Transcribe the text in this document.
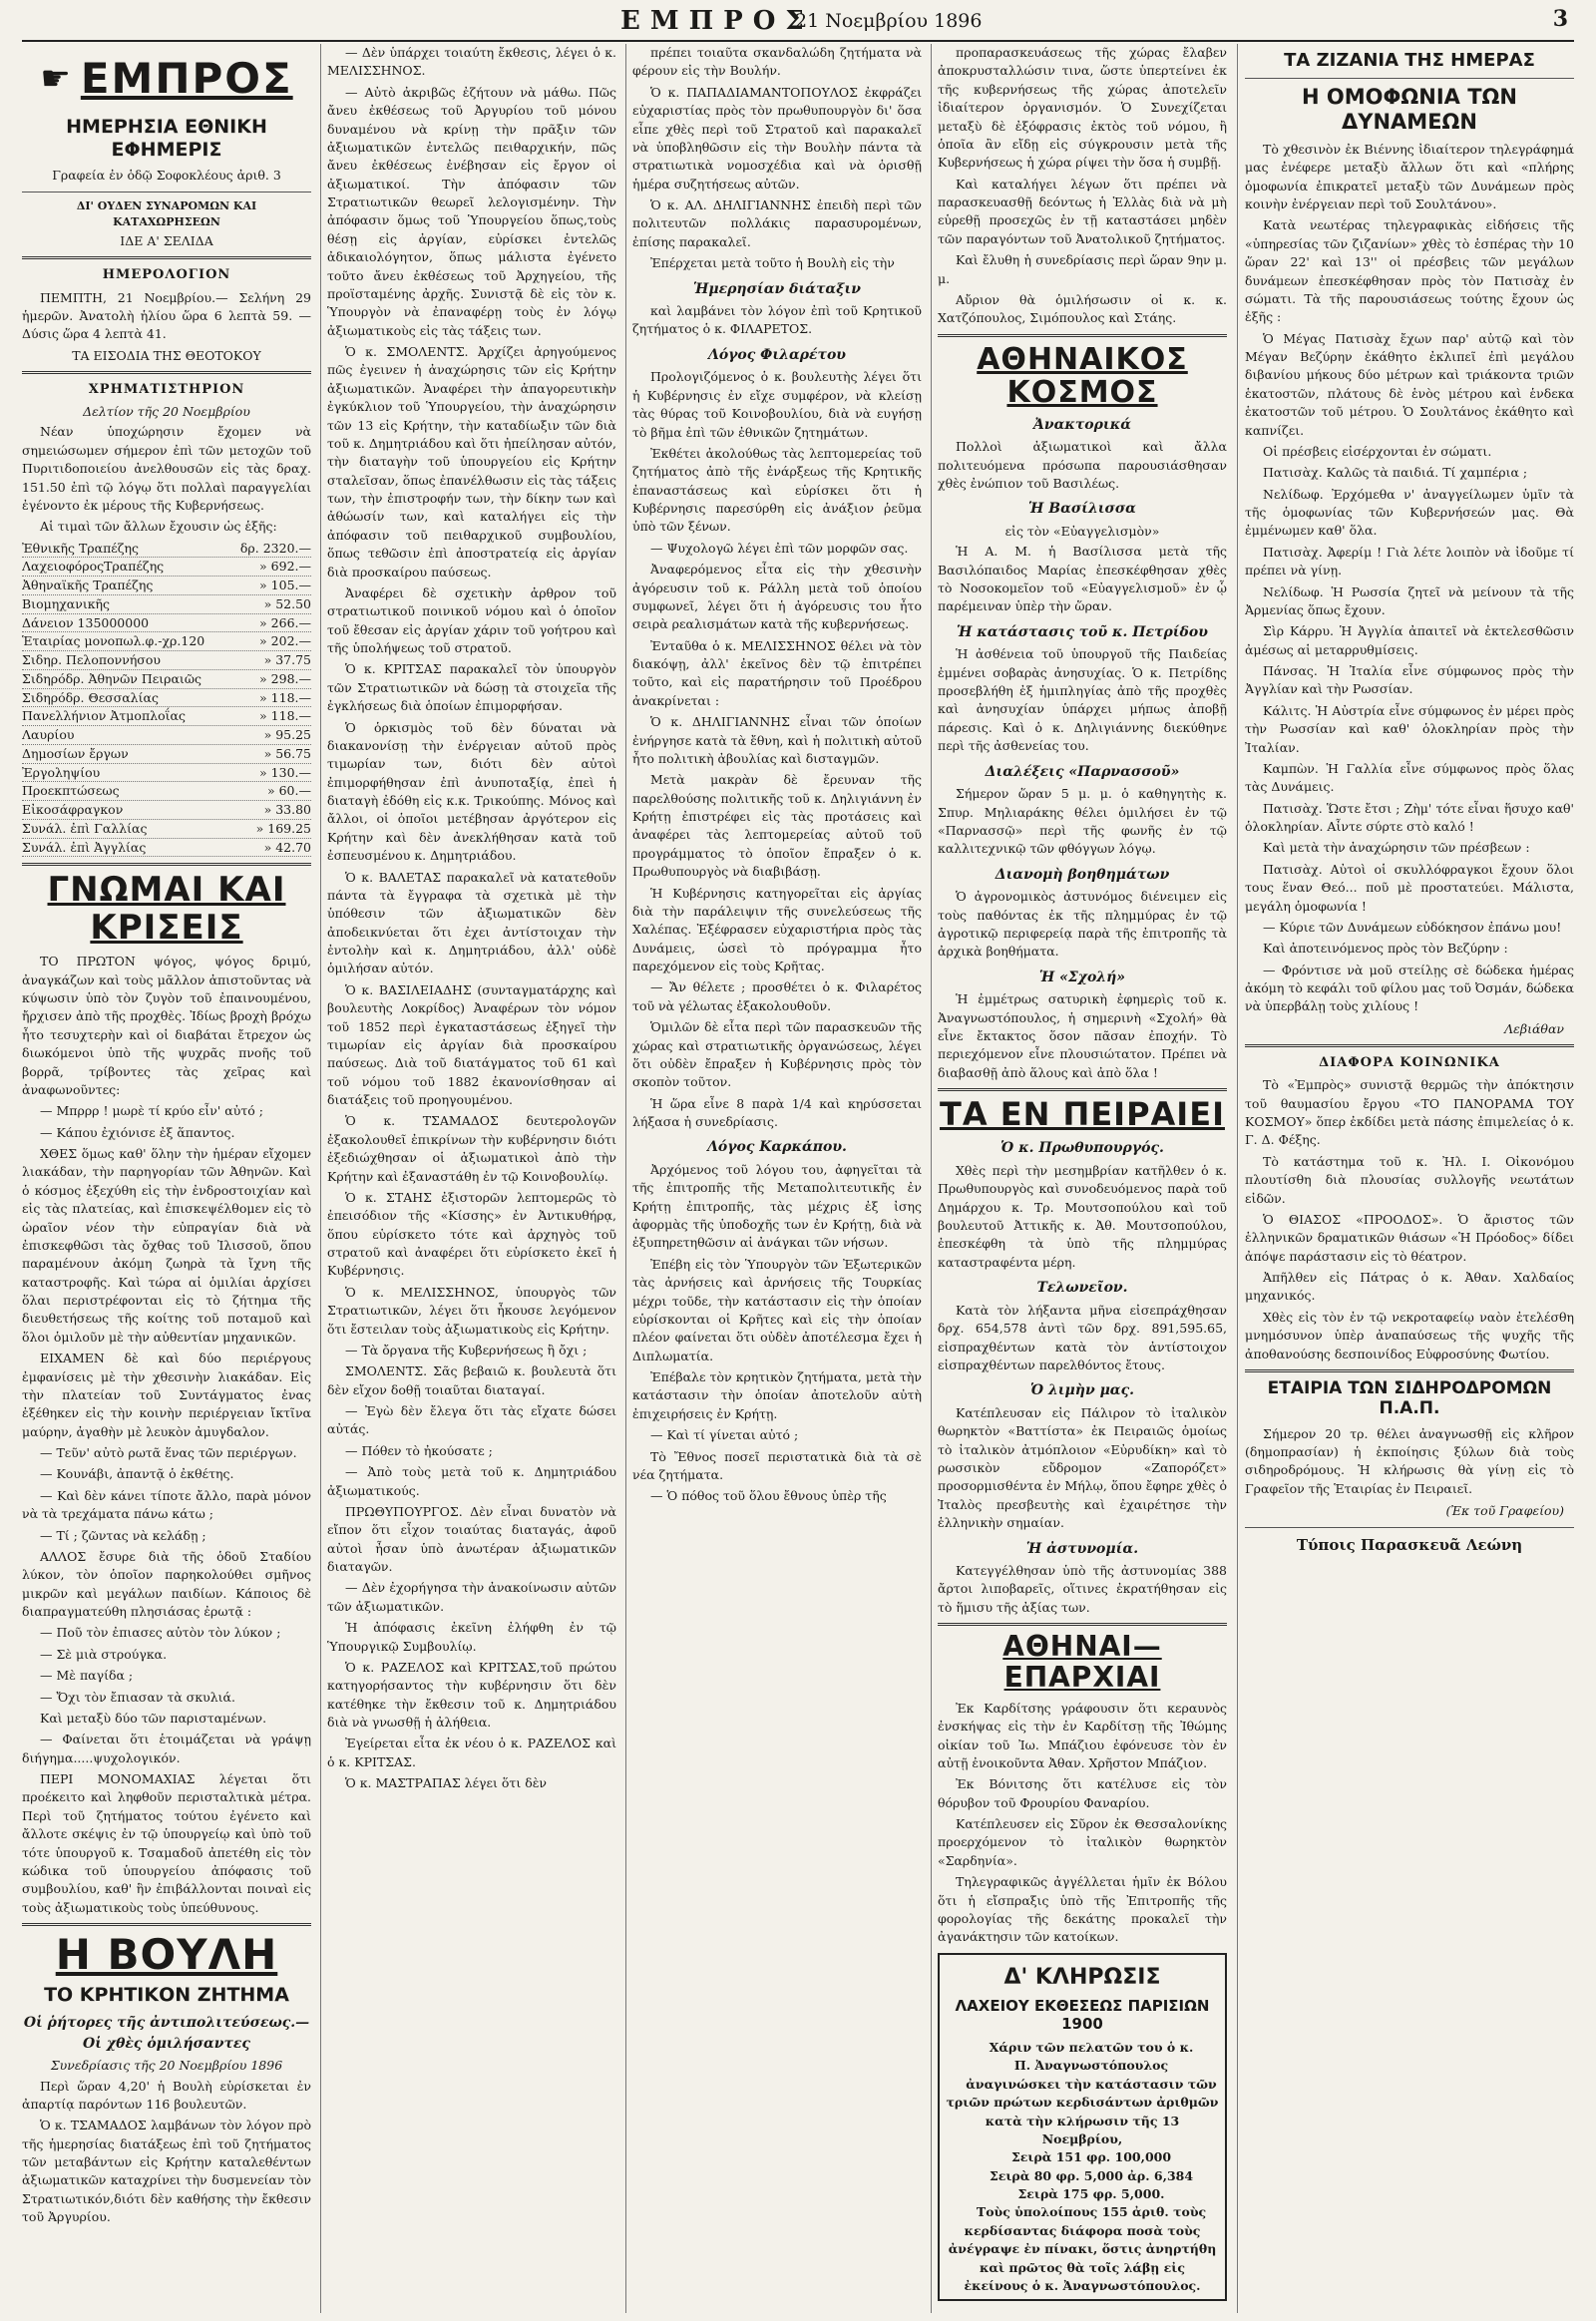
ΕΜΠΡΟΣ
21 Νοεμβρίου 1896	3
☛ ΕΜΠΡΟΣ
ΗΜΕΡΗΣΙΑ ΕΘΝΙΚΗ ΕΦΗΜΕΡΙΣ
Γραφεία ἐν ὁδῷ Σοφοκλέους ἀριθ. 3
ΔΙ' ΟΥΔΕΝ ΣΥΝΑΡΟΜΩΝ ΚΑΙ ΚΑΤΑΧΩΡΗΣΕΩΝ
ΙΔΕ Α' ΣΕΛΙΔΑ
ΗΜΕΡΟΛΟΓΙΟΝ

ΠΕΜΠΤΗ, 21 Νοεμβρίου.— Σελήνη 29 ἡμερῶν. Ἀνατολὴ ἡλίου ὥρα 6 λεπτὰ 59. —Δύσις ὥρα 4 λεπτὰ 41.

ΤΑ ΕΙΣΟΔΙΑ ΤΗΣ ΘΕΟΤΟΚΟΥ
ΧΡΗΜΑΤΙΣΤΗΡΙΟΝ
Δελτίον τῆς 20 Νοεμβρίου

Νέαν ὑποχώρησιν ἔχομεν νὰ σημειώσωμεν σήμερον ἐπὶ τῶν μετοχῶν τοῦ Πυριτιδοποιείου ἀνελθουσῶν εἰς τὰς δραχ. 151.50 ἐπὶ τῷ λόγῳ ὅτι πολλαὶ παραγγελίαι ἐγένοντο ἐκ μέρους τῆς Κυβερνήσεως.

Αἱ τιμαὶ τῶν ἄλλων ἔχουσιν ὡς ἑξῆς:

Ἐθνικῆς Τραπέζης	δρ. 2320.—
ΛαχειοφόροςΤραπέζης	» 692.—
Ἀθηναϊκῆς Τραπέζης	» 105.—
Βιομηχανικῆς	» 52.50
Δάνειον 135000000	» 266.—
Ἑταιρίας μονοπωλ.φ.-χρ.120	» 202.—
Σιδηρ. Πελοποννήσου	» 37.75
Σιδηρόδρ. Ἀθηνῶν Πειραιῶς	» 298.—
Σιδηρόδρ. Θεσσαλίας	» 118.—
Πανελλήνιον Ἀτμοπλοΐας	» 118.—
Λαυρίου	» 95.25
Δημοσίων ἔργων	» 56.75
Ἐργοληψίου	» 130.—
Προεκπτώσεως	» 60.—
Εἰκοσάφραγκον	» 33.80
Συνάλ. ἐπὶ Γαλλίας	» 169.25
Συνάλ. ἐπὶ Ἀγγλίας	» 42.70
ΓΝΩΜΑΙ ΚΑΙ ΚΡΙΣΕΙΣ

ΤΟ ΠΡΩΤΟΝ ψόγος, ψόγος δριμύ, ἀναγκάζων καὶ τοὺς μᾶλλον ἀπιστοῦντας νὰ κύψωσιν ὑπὸ τὸν ζυγὸν τοῦ ἐπαινουμένου, ἤρχισεν ἀπὸ τῆς προχθὲς. Ἰδίως βροχὴ βρόχω ἦτο τεσυχτερὴν καὶ οἱ διαβάται ἔτρεχον ὡς διωκόμενοι ὑπὸ τῆς ψυχρᾶς πνοῆς τοῦ βορρᾶ, τρίβοντες τὰς χεῖρας καὶ ἀναφωνοῦντες:

— Μπρρρ ! μωρὲ τί κρύο εἶν' αὐτό ;

— Κάπου ἐχιόνισε ἐξ ἅπαντος.

ΧΘΕΣ ὅμως καθ' ὅλην τὴν ἡμέραν εἴχομεν λιακάδαν, τὴν παρηγορίαν τῶν Ἀθηνῶν. Καὶ ὁ κόσμος ἐξεχύθη εἰς τὴν ἐνδροστοιχίαν καὶ εἰς τὰς πλατείας, καὶ ἐπισκεψέλθομεν εἰς τὸ ὠραῖον νέον τὴν εὐπραγίαν διὰ νὰ ἐπισκεφθῶσι τὰς ὄχθας τοῦ Ἰλισσοῦ, ὅπου παραμένουν ἀκόμη ζωηρὰ τὰ ἴχνη τῆς καταστροφῆς. Καὶ τώρα αἱ ὁμιλίαι ἀρχίσει ὅλαι περιστρέφονται εἰς τὸ ζήτημα τῆς διευθετήσεως τῆς κοίτης τοῦ ποταμοῦ καὶ ὅλοι ὁμιλοῦν μὲ τὴν αὐθεντίαν μηχανικῶν.

ΕΙΧΑΜΕΝ δὲ καὶ δύο περιέργους ἐμφανίσεις μὲ τὴν χθεσινὴν λιακάδαν. Εἰς τὴν πλατείαν τοῦ Συντάγματος ἐνας ἐξέθηκεν εἰς τὴν κοινὴν περιέργειαν ἴκτῖνα μαύρην, ἀγαθὴν μὲ λευκὸν ἀμυγδαλον.

— Τεῦν' αὐτὸ ρωτᾶ ἕνας τῶν περιέργων.

— Κουνάβι, ἀπαντᾷ ὁ ἐκθέτης.

— Καὶ δὲν κάνει τίποτε ἄλλο, παρὰ μόνον νὰ τὰ τρεχάματα πάνω κάτω ;

— Τί ; ζῶντας νὰ κελάδῃ ;

ΑΛΛΟΣ ἔσυρε διὰ τῆς ὁδοῦ Σταδίου λύκον, τὸν ὁποῖον παρηκολούθει σμῆνος μικρῶν καὶ μεγάλων παιδίων. Κάποιος δὲ διαπραγματεύθη πλησιάσας ἐρωτᾷ :

— Ποῦ τὸν ἐπιασες αὐτὸν τὸν λύκον ;

— Σὲ μιὰ στρούγκα.

— Μὲ παγίδα ;

— Ὄχι τὸν ἔπιασαν τὰ σκυλιά.

Καὶ μεταξὺ δύο τῶν παρισταμένων.

— Φαίνεται ὅτι ἑτοιμάζεται νὰ γράψῃ διήγημα.....ψυχολογικόν.

ΠΕΡΙ ΜΟΝΟΜΑΧΙΑΣ λέγεται ὅτι προέκειτο καὶ ληφθοῦν περισταλτικὰ μέτρα. Περὶ τοῦ ζητήματος τούτου ἐγένετο καὶ ἄλλοτε σκέψις ἐν τῷ ὑπουργείῳ καὶ ὑπὸ τοῦ τότε ὑπουργοῦ κ. Τσαμαδοῦ ἀπετέθη εἰς τὸν κώδικα τοῦ ὑπουργείου ἀπόφασις τοῦ συμβουλίου, καθ' ἣν ἐπιβάλλονται ποιναὶ εἰς τοὺς ἀξιωματικοὺς τοὺς ὑπεύθυνους.

Η ΒΟΥΛΗ
ΤΟ ΚΡΗΤΙΚΟΝ ΖΗΤΗΜΑ
Οἱ ῥήτορες τῆς ἀντιπολιτεύσεως.—Οἱ χθὲς ὁμιλήσαντες
Συνεδρίασις τῆς 20 Νοεμβρίου 1896

Περὶ ὥραν 4,20' ἡ Βουλὴ εὑρίσκεται ἐν ἀπαρτίᾳ παρόντων 116 βουλευτῶν.

Ὁ κ. ΤΣΑΜΑΔΟΣ λαμβάνων τὸν λόγον πρὸ τῆς ἡμερησίας διατάξεως ἐπὶ τοῦ ζητήματος τῶν μεταβάντων εἰς Κρήτην καταλεθέντων ἀξιωματικῶν καταχρίνει τὴν δυσμενείαν τὸν Στρατιωτικόν,διότι δὲν καθήσης τὴν ἔκθεσιν τοῦ Ἀργυρίου.

— Δὲν ὑπάρχει τοιαύτη ἔκθεσις, λέγει ὁ κ. ΜΕΛΙΣΣΗΝΟΣ.

— Αὐτὸ ἀκριβῶς ἐζήτουν νὰ μάθω. Πῶς ἄνευ ἐκθέσεως τοῦ Ἀργυρίου τοῦ μόνου δυναμένου νὰ κρίνῃ τὴν πρᾶξιν τῶν ἀξιωματικῶν ἐντελῶς πειθαρχικήν, πῶς ἄνευ ἐκθέσεως ἐνέβησαν εἰς ἔργον οἱ ἀξιωματικοί. Τὴν ἀπόφασιν τῶν Στρατιωτικῶν θεωρεῖ λελογισμένην. Τὴν ἀπόφασιν ὅμως τοῦ Ὑπουργείου ὅπως,τοὺς θέσῃ εἰς ἀργίαν, εὐρίσκει ἐντελῶς ἀδικαιολόγητον, ὅπως μάλιστα ἐγένετο τοῦτο ἄνευ ἐκθέσεως τοῦ Ἀρχηγείου, τῆς προϊσταμένης ἀρχῆς. Συνιστᾷ δὲ εἰς τὸν κ. Ὑπουργὸν νὰ ἐπαναφέρῃ τοὺς ἐν λόγῳ ἀξιωματικοὺς εἰς τὰς τάξεις των.

Ὁ κ. ΣΜΟΛΕΝΤΣ. Ἀρχίζει ἀρηγούμενος πῶς ἐγεινεν ἡ ἀναχώρησις τῶν εἰς Κρήτην ἀξιωματικῶν. Ἀναφέρει τὴν ἀπαγορευτικὴν ἐγκύκλιον τοῦ Ὑπουργείου, τὴν ἀναχώρησιν τῶν 13 εἰς Κρήτην, τὴν καταδίωξιν τῶν διὰ τοῦ κ. Δημητριάδου καὶ ὅτι ἠπείλησαν αὐτόν, τὴν διαταγὴν τοῦ ὑπουργείου εἰς Κρήτην σταλεῖσαν, ὅπως ἐπανέλθωσιν εἰς τὰς τάξεις των, τὴν ἐπιστροφήν των, τὴν δίκην των καὶ ἀθώωσίν των, καὶ καταλήγει εἰς τὴν ἀπόφασιν τοῦ πειθαρχικοῦ συμβουλίου, ὅπως τεθῶσιν ἐπὶ ἀποστρατείᾳ εἰς ἀργίαν διὰ προσκαίρου παύσεως.

Ἀναφέρει δὲ σχετικὴν ἀρθρον τοῦ στρατιωτικοῦ ποινικοῦ νόμου καὶ ὁ ὁποῖον τοῦ ἔθεσαν εἰς ἀργίαν χάριν τοῦ γοήτρου καὶ τῆς ὑπολήψεως τοῦ στρατοῦ.

Ὁ κ. ΚΡΙΤΣΑΣ παρακαλεῖ τὸν ὑπουργὸν τῶν Στρατιωτικῶν νὰ δώσῃ τὰ στοιχεῖα τῆς ἐγκλήσεως διὰ ὁποίων ἐπιμορφήσαν.

Ὁ ὁρκισμὸς τοῦ δὲν δύναται νὰ διακανονίσῃ τὴν ἐνέργειαν αὐτοῦ πρὸς τιμωρίαν των, διότι δὲν αὐτοὶ ἐπιμορφήθησαν ἐπὶ ἀνυποταξίᾳ, ἐπεὶ ἡ διαταγὴ ἐδόθη εἰς κ.κ. Τρικούπης. Μόνος καὶ ἄλλοι, οἱ ὁποῖοι μετέβησαν ἀργότερον εἰς Κρήτην καὶ δὲν ἀνεκλήθησαν κατὰ τοῦ ἐσπευσμένου κ. Δημητριάδου.

Ὁ κ. ΒΑΛΕΤΑΣ παρακαλεῖ νὰ κατατεθοῦν πάντα τὰ ἔγγραφα τὰ σχετικὰ μὲ τὴν ὑπόθεσιν τῶν ἀξιωματικῶν δὲν ἀποδεικνύεται ὅτι ἐχει ἀντίστοιχαν τὴν ἐντολὴν καὶ κ. Δημητριάδου, ἀλλ' οὐδὲ ὁμιλήσαν αὐτόν.

Ὁ κ. ΒΑΣΙΛΕΙΑΔΗΣ (συνταγματάρχης καὶ βουλευτὴς Λοκρίδος) Ἀναφέρων τὸν νόμον τοῦ 1852 περὶ ἐγκαταστάσεως ἐξηγεῖ τὴν τιμωρίαν εἰς ἀργίαν διὰ προσκαίρου παύσεως. Διὰ τοῦ διατάγματος τοῦ 61 καὶ τοῦ νόμου τοῦ 1882 ἐκανονίσθησαν αἱ διατάξεις τοῦ προηγουμένου.

Ὁ κ. ΤΣΑΜΑΔΟΣ δευτερολογῶν ἐξακολουθεῖ ἐπικρίνων τὴν κυβέρνησιν διότι ἐξεδιώχθησαν οἱ ἀξιωματικοὶ ἀπὸ τὴν Κρήτην καὶ ἐξαναστάθη ἐν τῷ Κοινοβουλίῳ.

Ὁ κ. ΣΤΑΗΣ ἐξιστορῶν λεπτομερῶς τὸ ἐπεισόδιον τῆς «Κίσσης» ἐν Ἀντικυθήρᾳ, ὅπου εὑρίσκετο τότε καὶ ἀρχηγὸς τοῦ στρατοῦ καὶ ἀναφέρει ὅτι εὑρίσκετο ἐκεῖ ἡ Κυβέρνησις.

Ὁ κ. ΜΕΛΙΣΣΗΝΟΣ, ὑπουργὸς τῶν Στρατιωτικῶν, λέγει ὅτι ἦκουσε λεγόμενον ὅτι ἔστειλαν τοὺς ἀξιωματικοὺς εἰς Κρήτην.

— Τὰ ὄργανα τῆς Κυβερνήσεως ἢ ὄχι ;

ΣΜΟΛΕΝΤΣ. Σᾶς βεβαιῶ κ. βουλευτὰ ὅτι δὲν εἴχον δοθῇ τοιαῦται διαταγαί.

— Ἐγὼ δὲν ἔλεγα ὅτι τὰς εἴχατε δώσει αὐτάς.

— Πόθεν τὸ ἠκούσατε ;

— Ἀπὸ τοὺς μετὰ τοῦ κ. Δημητριάδου ἀξιωματικούς.

ΠΡΩΘΥΠΟΥΡΓΟΣ. Δὲν εἶναι δυνατὸν νὰ εἴπον ὅτι εἶχον τοιαύτας διαταγάς, ἀφοῦ αὐτοὶ ἦσαν ὑπὸ ἀνωτέραν ἀξιωματικῶν διαταγῶν.

— Δὲν ἐχορήγησα τὴν ἀνακοίνωσιν αὐτῶν τῶν ἀξιωματικῶν.

Ἡ ἀπόφασις ἐκεῖνη ἐλήφθη ἐν τῷ Ὑπουργικῷ Συμβουλίῳ.

Ὁ κ. ΡΑΖΕΛΟΣ καὶ ΚΡΙΤΣΑΣ,τοῦ πρώτου κατηγορήσαντος τὴν κυβέρνησιν ὅτι δὲν κατέθηκε τὴν ἔκθεσιν τοῦ κ. Δημητριάδου διὰ νὰ γνωσθῇ ἡ ἀλήθεια.

Ἐγείρεται εἶτα ἐκ νέου ὁ κ. ΡΑΖΕΛΟΣ καὶ ὁ κ. ΚΡΙΤΣΑΣ.

Ὁ κ. ΜΑΣΤΡΑΠΑΣ λέγει ὅτι δὲν

πρέπει τοιαῦτα σκανδαλώδη ζητήματα νὰ φέρουν εἰς τὴν Βουλήν.

Ὁ κ. ΠΑΠΑΔΙΑΜΑΝΤΟΠΟΥΛΟΣ ἐκφράζει εὐχαριστίας πρὸς τὸν πρωθυπουργὸν δι' ὅσα εἶπε χθὲς περὶ τοῦ Στρατοῦ καὶ παρακαλεῖ νὰ ὑποβληθῶσιν εἰς τὴν Βουλὴν πάντα τὰ στρατιωτικὰ νομοσχέδια καὶ νὰ ὁρισθῇ ἡμέρα συζητήσεως αὐτῶν.

Ὁ κ. ΑΛ. ΔΗΛΙΓΙΑΝΝΗΣ ἐπειδὴ περὶ τῶν πολιτευτῶν πολλάκις παρασυρομένων, ἐπίσης παρακαλεῖ.

Ἐπέρχεται μετὰ τοῦτο ἡ Βουλὴ εἰς τὴν

Ἡμερησίαν διάταξιν

καὶ λαμβάνει τὸν λόγον ἐπὶ τοῦ Κρητικοῦ ζητήματος ὁ κ. ΦΙΛΑΡΕΤΟΣ.

Λόγος Φιλαρέτου

Προλογιζόμενος ὁ κ. βουλευτὴς λέγει ὅτι ἡ Κυβέρνησις ἐν εἴχε συμφέρον, νὰ κλείσῃ τὰς θύρας τοῦ Κοινοβουλίου, διὰ νὰ ευγήσῃ τὸ βῆμα ἐπὶ τῶν ἐθνικῶν ζητημάτων.

Ἐκθέτει ἀκολούθως τὰς λεπτομερείας τοῦ ζητήματος ἀπὸ τῆς ἐνάρξεως τῆς Κρητικῆς ἐπαναστάσεως καὶ εὑρίσκει ὅτι ἡ Κυβέρνησις παρεσύρθη εἰς ἀνάξιον ῥεῦμα ὑπὸ τῶν ξένων.

— Ψυχολογῶ λέγει ἐπὶ τῶν μορφῶν σας.

Ἀναφερόμενος εἶτα εἰς τὴν χθεσινὴν ἀγόρευσιν τοῦ κ. Ράλλη μετὰ τοῦ ὁποίου συμφωνεῖ, λέγει ὅτι ἡ ἀγόρευσις του ἦτο σειρὰ ρεαλισμάτων κατὰ τῆς κυβερνήσεως.

Ἐνταῦθα ὁ κ. ΜΕΛΙΣΣΗΝΟΣ θέλει νὰ τὸν διακόψῃ, ἀλλ' ἐκεῖνος δὲν τῷ ἐπιτρέπει τοῦτο, καὶ εἰς παρατήρησιν τοῦ Προέδρου ἀνακρίνεται :

Ὁ κ. ΔΗΛΙΓΙΑΝΝΗΣ εἶναι τῶν ὁποίων ἐνήργησε κατὰ τὰ ἔθνη, καὶ ἡ πολιτικὴ αὐτοῦ ἦτο πολιτικὴ ἀβουλίας καὶ δισταγμῶν.

Μετὰ μακρὰν δὲ ἔρευναν τῆς παρελθούσης πολιτικῆς τοῦ κ. Δηλιγιάννη ἐν Κρήτῃ ἐπιστρέφει εἰς τὰς προτάσεις καὶ ἀναφέρει τὰς λεπτομερείας αὐτοῦ τοῦ προγράμματος τὸ ὁποῖον ἔπραξεν ὁ κ. Πρωθυπουργὸς νὰ διαβιβάσῃ.

Ἡ Κυβέρνησις κατηγορεῖται εἰς ἀργίας διὰ τὴν παράλειψιν τῆς συνελεύσεως τῆς Χαλέπας. Ἐξέφρασεν εὐχαριστήρια πρὸς τὰς Δυνάμεις, ὡσεὶ τὸ πρόγραμμα ἦτο παρεχόμενον εἰς τοὺς Κρῆτας.

— Ἄν θέλετε ; προσθέτει ὁ κ. Φιλαρέτος τοῦ νὰ γέλωτας ἐξακολουθοῦν.

Ὁμιλῶν δὲ εἶτα περὶ τῶν παρασκευῶν τῆς χώρας καὶ στρατιωτικῆς ὀργανώσεως, λέγει ὅτι οὐδὲν ἔπραξεν ἡ Κυβέρνησις πρὸς τὸν σκοπὸν τοῦτον.

Ἡ ὥρα εἶνε 8 παρὰ 1/4 καὶ κηρύσσεται λήξασα ἡ συνεδρίασις.

Λόγος Καρκάπου.

Ἀρχόμενος τοῦ λόγου του, ἀφηγεῖται τὰ τῆς ἐπιτροπῆς τῆς Μεταπολιτευτικῆς ἐν Κρήτῃ ἐπιτροπῆς, τὰς μέχρις ἐξ ἰσης ἀφορμὰς τῆς ὑποδοχῆς των ἐν Κρήτῃ, διὰ νὰ ἐξυπηρετηθῶσιν αἱ ἀνάγκαι τῶν νήσων.

Ἐπέβη εἰς τὸν Ὑπουργὸν τῶν Ἐξωτερικῶν τὰς ἀρνήσεις καὶ ἀρνήσεις τῆς Τουρκίας μέχρι τοῦδε, τὴν κατάστασιν εἰς τὴν ὁποίαν εὑρίσκονται οἱ Κρῆτες καὶ εἰς τὴν ὁποίαν πλέον φαίνεται ὅτι οὐδὲν ἀποτέλεσμα ἔχει ἡ Διπλωματία.

Ἐπέβαλε τὸν κρητικὸν ζητήματα, μετὰ τὴν κατάστασιν τὴν ὁποίαν ἀποτελοῦν αὐτὴ ἐπιχειρήσεις ἐν Κρήτῃ.

— Καὶ τί γίνεται αὐτό ;

Τὸ Ἔθνος ποσεῖ περιστατικὰ διὰ τὰ σὲ νέα ζητήματα.

— Ὁ πόθος τοῦ ὅλου ἔθνους ὑπὲρ τῆς

προπαρασκευάσεως τῆς χώρας ἔλαβεν ἀποκρυσταλλώσιν τινα, ὥστε ὑπερτείνει ἐκ τῆς κυβερνήσεως τῆς χώρας ἀποτελεῖν ἰδιαίτερον ὀργανισμόν. Ὁ Συνεχίζεται μεταξὺ δὲ ἐξόφρασις ἐκτὸς τοῦ νόμου, ἢ ὁποῖα ἂν εἴδῃ εἰς σύγκρουσιν μετὰ τῆς Κυβερνήσεως ἡ χώρα ρίψει τὴν ὅσα ἡ συμβῇ.

Καὶ καταλήγει λέγων ὅτι πρέπει νὰ παρασκευασθῇ δεόντως ἡ Ἑλλὰς διὰ νὰ μὴ εὑρεθῇ προσεχῶς ἐν τῇ καταστάσει μηδὲν τῶν παραγόντων τοῦ Ἀνατολικοῦ ζητήματος.

Καὶ ἔλυθη ἡ συνεδρίασις περὶ ὥραν 9ην μ. μ.

Αὔριον θὰ ὁμιλήσωσιν οἱ κ. κ. Χατζόπουλος, Σιμόπουλος καὶ Στάης.

ΑΘΗΝΑΙΚΟΣ ΚΟΣΜΟΣ
Ἀνακτορικά

Πολλοὶ ἀξιωματικοὶ καὶ ἄλλα πολιτευόμενα πρόσωπα παρουσιάσθησαν χθὲς ἐνώπιον τοῦ Βασιλέως.

Ἡ Βασίλισσα
εἰς τὸν «Εὐαγγελισμὸν»

Ἡ Α. Μ. ἡ Βασίλισσα μετὰ τῆς Βασιλόπαιδος Μαρίας ἐπεσκέφθησαν χθὲς τὸ Νοσοκομεῖον τοῦ «Εὐαγγελισμοῦ» ἐν ᾧ παρέμειναν ὑπὲρ τὴν ὥραν.

Ἡ κατάστασις τοῦ κ. Πετρίδου

Ἡ ἀσθένεια τοῦ ὑπουργοῦ τῆς Παιδείας ἐμμένει σοβαρὰς ἀνησυχίας. Ὁ κ. Πετρίδης προσεβλήθη ἐξ ἡμιπληγίας ἀπὸ τῆς προχθὲς καὶ ἀνησυχίαν ὑπάρχει μήπως ἀποβῇ πάρεσις. Καὶ ὁ κ. Δηλιγιάννης διεκύθηνε περὶ τῆς ἀσθενείας του.

Διαλέξεις «Παρνασσοῦ»

Σήμερον ὥραν 5 μ. μ. ὁ καθηγητὴς κ. Σπυρ. Μηλιαράκης θέλει ὁμιλήσει ἐν τῷ «Παρνασσῷ» περὶ τῆς φωνῆς ἐν τῷ καλλιτεχνικῷ τῶν φθόγγων λόγῳ.

Διανομὴ βοηθημάτων

Ὁ ἀγρονομικὸς ἀστυνόμος διένειμεν εἰς τοὺς παθόντας ἐκ τῆς πλημμύρας ἐν τῷ ἀγροτικῷ περιφερείᾳ παρὰ τῆς ἐπιτροπῆς τὰ ἀρχικὰ βοηθήματα.

Ἡ «Σχολή»

Ἡ ἐμμέτρως σατυρικὴ ἐφημερὶς τοῦ κ. Ἀναγνωστόπουλος, ἡ σημερινὴ «Σχολή» θὰ εἶνε ἔκτακτος ὅσον πᾶσαν ἐποχήν. Τὸ περιεχόμενον εἶνε πλουσιώτατον. Πρέπει νὰ διαβασθῇ ἀπὸ ἅλους καὶ ἀπὸ ὅλα !

ΤΑ ΕΝ ΠΕΙΡΑΙΕΙ
Ὁ κ. Πρωθυπουργός.

Χθὲς περὶ τὴν μεσημβρίαν κατῆλθεν ὁ κ. Πρωθυπουργὸς καὶ συνοδευόμενος παρὰ τοῦ Δημάρχου κ. Τρ. Μουτσοπούλου καὶ τοῦ βουλευτοῦ Ἀττικῆς κ. Ἀθ. Μουτσοπούλου, ἐπεσκέφθη τὰ ὑπὸ τῆς πλημμύρας καταστραφέντα μέρη.

Τελωνεῖον.

Κατὰ τὸν λήξαντα μῆνα εἰσεπράχθησαν δρχ. 654,578 ἀντὶ τῶν δρχ. 891,595.65, εἰσπραχθέντων κατὰ τὸν ἀντίστοιχον εἰσπραχθέντων παρελθόντος ἔτους.

Ὁ λιμὴν μας.

Κατέπλευσαν εἰς Πάλιρον τὸ ἰταλικὸν θωρηκτὸν «Βαττίστα» ἐκ Πειραιῶς ὁμοίως τὸ ἰταλικὸν ἀτμόπλοιον «Εὐρυδίκη» καὶ τὸ ρωσσικὸν εὔδρομον «Ζαπορόζετ» προσορμισθέντα ἐν Μήλῳ, ὅπου ἔφηρε χθὲς ὁ Ἰταλὸς πρεσβευτὴς καὶ ἐχαιρέτησε τὴν ἑλληνικὴν σημαίαν.

Ἡ ἀστυνομία.

Κατεγγέλθησαν ὑπὸ τῆς ἀστυνομίας 388 ἄρτοι λιποβαρεῖς, οἵτινες ἐκρατήθησαν εἰς τὸ ἥμισυ τῆς ἀξίας των.

ΑΘΗΝΑΙ—ΕΠΑΡΧΙΑΙ

Ἐκ Καρδίτσης γράφουσιν ὅτι κεραυνὸς ἐνσκήψας εἰς τὴν ἐν Καρδίτσῃ τῆς Ἰθώμης οἰκίαν τοῦ Ἰω. Μπάζιου ἐφόνευσε τὸν ἐν αὐτῇ ἐνοικοῦντα Ἀθαν. Χρῆστον Μπάζιον.

Ἐκ Βόνιτσης ὅτι κατέλυσε εἰς τὸν θόρυβον τοῦ Φρουρίου Φαναρίου.

Κατέπλευσεν εἰς Σῦρον ἐκ Θεσσαλονίκης προερχόμενον τὸ ἰταλικὸν θωρηκτὸν «Σαρδηνία».

Τηλεγραφικῶς ἀγγέλλεται ἡμῖν ἐκ Βόλου ὅτι ἡ εἴσπραξις ὑπὸ τῆς Ἐπιτροπῆς τῆς φορολογίας τῆς δεκάτης προκαλεῖ τὴν ἀγανάκτησιν τῶν κατοίκων.

Δ' ΚΛΗΡΩΣΙΣ
ΛΑΧΕΙΟΥ ΕΚΘΕΣΕΩΣ ΠΑΡΙΣΙΩΝ 1900

Χάριν τῶν πελατῶν του ὁ κ.

Π. Ἀναγνωστόπουλος

ἀναγινώσκει τὴν κατάστασιν τῶν τριῶν πρώτων κερδισάντων ἀριθμῶν κατὰ τὴν κλήρωσιν τῆς 13 Νοεμβρίου,

Σειρὰ 151 φρ. 100,000

Σειρὰ 80 φρ. 5,000 ἀρ. 6,384

Σειρὰ 175 φρ. 5,000.

Τοὺς ὑπολοίπους 155 ἀριθ. τοὺς κερδίσαντας διάφορα ποσὰ τοὺς ἀνέγραψε ἐν πίνακι, ὅστις ἀνηρτήθη καὶ πρῶτος θὰ τοῖς λάβῃ εἰς ἐκείνους ὁ κ. Ἀναγνωστόπουλος.

ΤΑ ΖΙΖΑΝΙΑ ΤΗΣ ΗΜΕΡΑΣ
Η ΟΜΟΦΩΝΙΑ ΤΩΝ ΔΥΝΑΜΕΩΝ

Τὸ χθεσινὸν ἐκ Βιέννης ἰδιαίτερον τηλεγράφημά μας ἐνέφερε μεταξὺ ἄλλων ὅτι καὶ «πλήρης ὁμοφωνία ἐπικρατεῖ μεταξὺ τῶν Δυνάμεων πρὸς κοινὴν ἐνέργειαν περὶ τοῦ Σουλτάνου».

Κατὰ νεωτέρας τηλεγραφικὰς εἰδήσεις τῆς «ὑπηρεσίας τῶν ζιζανίων» χθὲς τὸ ἑσπέρας τὴν 10 ὥραν 22' καὶ 13'' οἱ πρέσβεις τῶν μεγάλων δυνάμεων ἐπεσκέφθησαν πρὸς τὸν Πατισὰχ ἐν σώματι. Τὰ τῆς παρουσιάσεως τούτης ἔχουν ὡς ἑξῆς :

Ὁ Μέγας Πατισὰχ ἔχων παρ' αὐτῷ καὶ τὸν Μέγαν Βεζύρην ἐκάθητο ἐκλιπεῖ ἐπὶ μεγάλου διβανίου μήκους δύο μέτρων καὶ τριάκοντα τριῶν ἑκατοστῶν, πλάτους δὲ ἑνὸς μέτρου καὶ ἑνδεκα ἑκατοστῶν τοῦ μέτρου. Ὁ Σουλτάνος ἐκάθητο καὶ καπνίζει.

Οἱ πρέσβεις εἰσέρχονται ἐν σώματι.

Πατισὰχ. Καλῶς τὰ παιδιά. Τί χαμπέρια ;

Νελίδωφ. Ἐρχόμεθα ν' ἀναγγείλωμεν ὑμῖν τὰ τῆς ὁμοφωνίας τῶν Κυβερνήσεών μας. Θὰ ἐμμένωμεν καθ' ὅλα.

Πατισὰχ. Ἀφερίμ ! Γιὰ λέτε λοιπὸν νὰ ἰδοῦμε τί πρέπει νὰ γίνῃ.

Νελίδωφ. Ἡ Ρωσσία ζητεῖ νὰ μείνουν τὰ τῆς Ἀρμενίας ὅπως ἔχουν.

Σὶρ Κάρρυ. Ἡ Ἀγγλία ἀπαιτεῖ νὰ ἐκτελεσθῶσιν ἀμέσως αἱ μεταρρυθμίσεις.

Πάνσας. Ἡ Ἰταλία εἶνε σύμφωνος πρὸς τὴν Ἀγγλίαν καὶ τὴν Ρωσσίαν.

Κάλιτς. Ἡ Αὐστρία εἶνε σύμφωνος ἐν μέρει πρὸς τὴν Ρωσσίαν καὶ καθ' ὁλοκληρίαν πρὸς τὴν Ἰταλίαν.

Καμπὼν. Ἡ Γαλλία εἶνε σύμφωνος πρὸς ὅλας τὰς Δυνάμεις.

Πατισὰχ. Ὥστε ἔτσι ; Ζὴμ' τότε εἶναι ἥσυχο καθ' ὁλοκληρίαν. Αἶντε σύρτε στὸ καλό !

Καὶ μετὰ τὴν ἀναχώρησιν τῶν πρέσβεων :

Πατισὰχ. Αὐτοὶ οἱ σκυλλόφραγκοι ἔχουν ὅλοι τους ἕναν Θεό... ποῦ μὲ προστατεύει. Μάλιστα, μεγάλη ὁμοφωνία !

— Κύριε τῶν Δυνάμεων εὐδόκησον ἐπάνω μου!

Καὶ ἀποτεινόμενος πρὸς τὸν Βεζύρην :

— Φρόντισε νὰ μοῦ στείλῃς σὲ δώδεκα ἡμέρας ἀκόμη τὸ κεφάλι τοῦ φίλου μας τοῦ Ὀσμάν, δώδεκα νὰ ὑπερβάλῃ τοὺς χιλίους !

Λεβιάθαν
ΔΙΑΦΟΡΑ ΚΟΙΝΩΝΙΚΑ

Τὸ «Ἐμπρὸς» συνιστᾷ θερμῶς τὴν ἀπόκτησιν τοῦ θαυμασίου ἔργου «ΤΟ ΠΑΝΟΡΑΜΑ ΤΟΥ ΚΟΣΜΟΥ» ὅπερ ἐκδίδει μετὰ πάσης ἐπιμελείας ὁ κ. Γ. Δ. Φέξης.

Τὸ κατάστημα τοῦ κ. Ἠλ. Ι. Οἰκονόμου πλουτίσθη διὰ πλουσίας συλλογῆς νεωτάτων εἰδῶν.

Ὁ ΘΙΑΣΟΣ «ΠΡΟΟΔΟΣ». Ὁ ἄριστος τῶν ἑλληνικῶν δραματικῶν θιάσων «Ἡ Πρόοδος» δίδει ἀπόψε παράστασιν εἰς τὸ θέατρον.

Ἀπῆλθεν εἰς Πάτρας ὁ κ. Ἀθαν. Χαλδαίος μηχανικός.

Χθὲς εἰς τὸν ἐν τῷ νεκροταφείῳ ναὸν ἐτελέσθη μνημόσυνον ὑπὲρ ἀναπαύσεως τῆς ψυχῆς τῆς ἀποθανούσης δεσποινίδος Εὐφροσύνης Φωτίου.

ΕΤΑΙΡΙΑ ΤΩΝ ΣΙΔΗΡΟΔΡΟΜΩΝ Π.Α.Π.

Σήμερον 20 τρ. θέλει ἀναγνωσθῇ εἰς κλῆρον (δημοπρασίαν) ἡ ἐκποίησις ξύλων διὰ τοὺς σιδηροδρόμους. Ἡ κλήρωσις θὰ γίνῃ εἰς τὸ Γραφεῖον τῆς Ἑταιρίας ἐν Πειραιεῖ.

(Ἐκ τοῦ Γραφείου)
Τύποις Παρασκευᾶ Λεώνη
